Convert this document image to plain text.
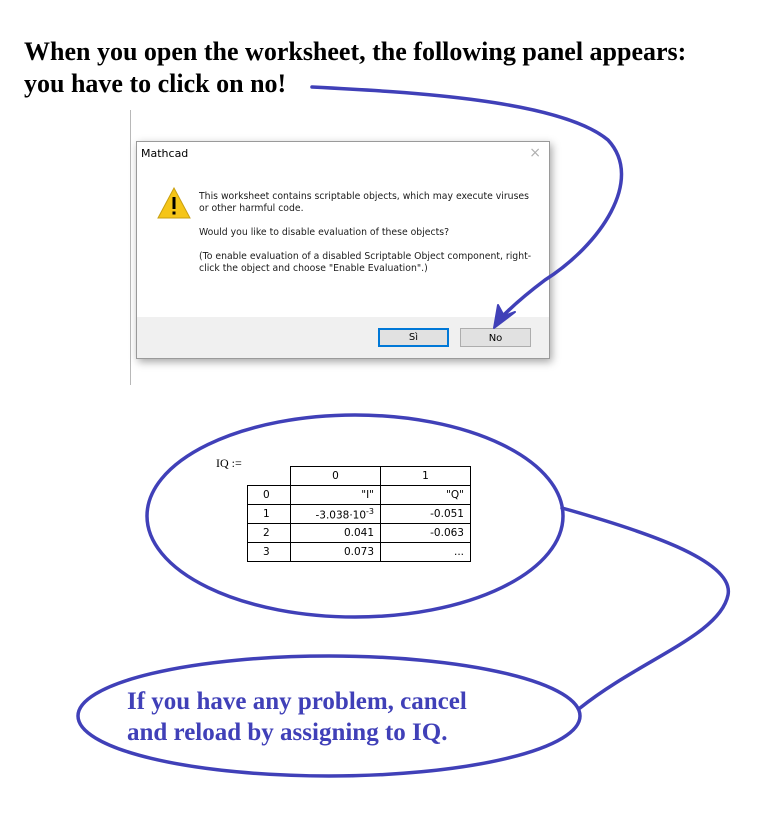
When you open the worksheet, the following panel appears:
you have to click on no!
Mathcad	×

This worksheet contains scriptable objects, which may execute viruses or other harmful code.

Would you like to disable evaluation of these objects?

(To enable evaluation of a disabled Scriptable Object component, right-click the object and choose "Enable Evaluation".)

Sì	No
IQ :=
	0	1
0	"I"	"Q"
1	$-3.038\cdot 10^{-3}$	-0.051
2	0.041	-0.063
3	0.073	...
If you have any problem, cancel
and reload by assigning to IQ.
